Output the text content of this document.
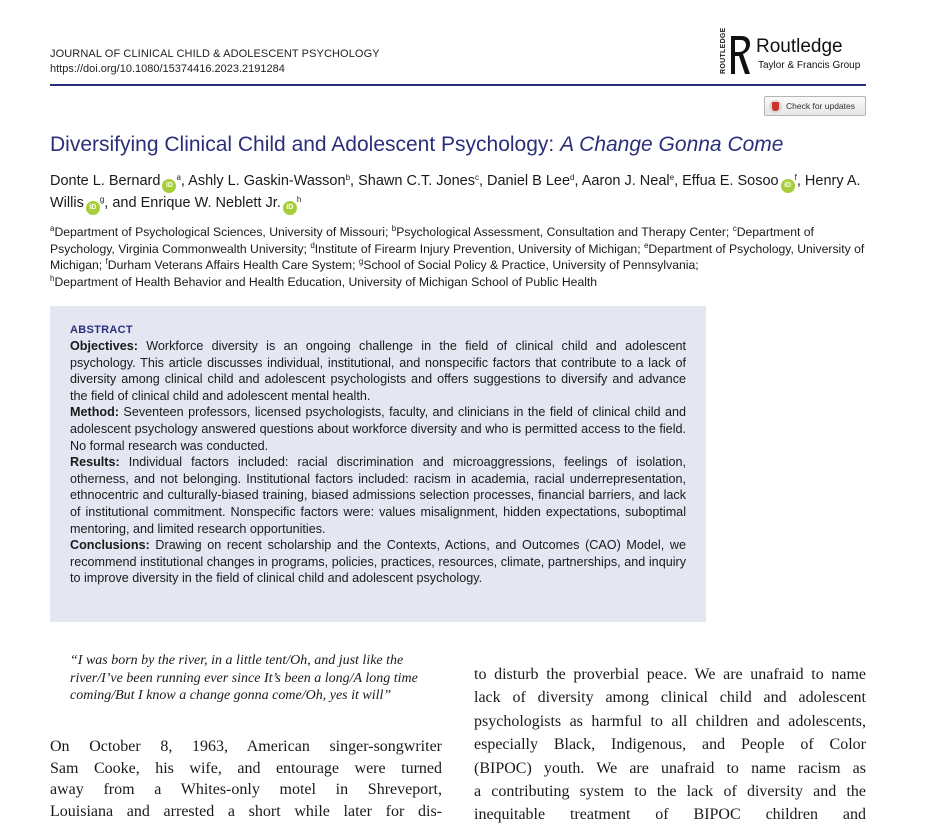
JOURNAL OF CLINICAL CHILD & ADOLESCENT PSYCHOLOGY
https://doi.org/10.1080/15374416.2023.2191284	ROUTLEDGE Routledge
Taylor & Francis Group
Check for updates
Diversifying Clinical Child and Adolescent Psychology: A Change Gonna Come
Donte L. Bernard $iD^a$, Ashly L. Gaskin-Wasson$^b$, Shawn C.T. Jones$^c$, Daniel B Lee$^d$, Aaron J. Neal$^e$, Effua E. Sosoo $iD^f$, Henry A. Willis $iD^g$, and Enrique W. Neblett Jr. $iD^h$
$^a$Department of Psychological Sciences, University of Missouri; $^b$Psychological Assessment, Consultation and Therapy Center; $^c$Department of Psychology, Virginia Commonwealth University; $^d$Institute of Firearm Injury Prevention, University of Michigan; $^e$Department of Psychology, University of Michigan; $^f$Durham Veterans Affairs Health Care System; $^g$School of Social Policy & Practice, University of Pennsylvania;
$^h$Department of Health Behavior and Health Education, University of Michigan School of Public Health
ABSTRACT
Objectives: Workforce diversity is an ongoing challenge in the field of clinical child and adolescent psychology. This article discusses individual, institutional, and nonspecific factors that contribute to a lack of diversity among clinical child and adolescent psychologists and offers suggestions to diversify and advance the field of clinical child and adolescent mental health.
Method: Seventeen professors, licensed psychologists, faculty, and clinicians in the field of clinical child and adolescent psychology answered questions about workforce diversity and who is permitted access to the field. No formal research was conducted.
Results: Individual factors included: racial discrimination and microaggressions, feelings of isolation, otherness, and not belonging. Institutional factors included: racism in academia, racial underrepresentation, ethnocentric and culturally-biased training, biased admissions selection processes, financial barriers, and lack of institutional commitment. Nonspecific factors were: values misalignment, hidden expectations, suboptimal mentoring, and limited research opportunities.
Conclusions: Drawing on recent scholarship and the Contexts, Actions, and Outcomes (CAO) Model, we recommend institutional changes in programs, policies, practices, resources, climate, partnerships, and inquiry to improve diversity in the field of clinical child and adolescent psychology.
“I was born by the river, in a little tent/Oh, and just like the river/I’ve been running ever since It’s been a long/A long time coming/But I know a change gonna come/Oh, yes it will”
On October 8, 1963, American singer-songwriter
Sam Cooke, his wife, and entourage were turned
away from a Whites-only motel in Shreveport,
Louisiana and arrested a short while later for dis-
to disturb the proverbial peace. We are unafraid to name
lack of diversity among clinical child and adolescent
psychologists as harmful to all children and adolescents,
especially Black, Indigenous, and People of Color
(BIPOC) youth. We are unafraid to name racism as
a contributing system to the lack of diversity and the
inequitable treatment of BIPOC children and
